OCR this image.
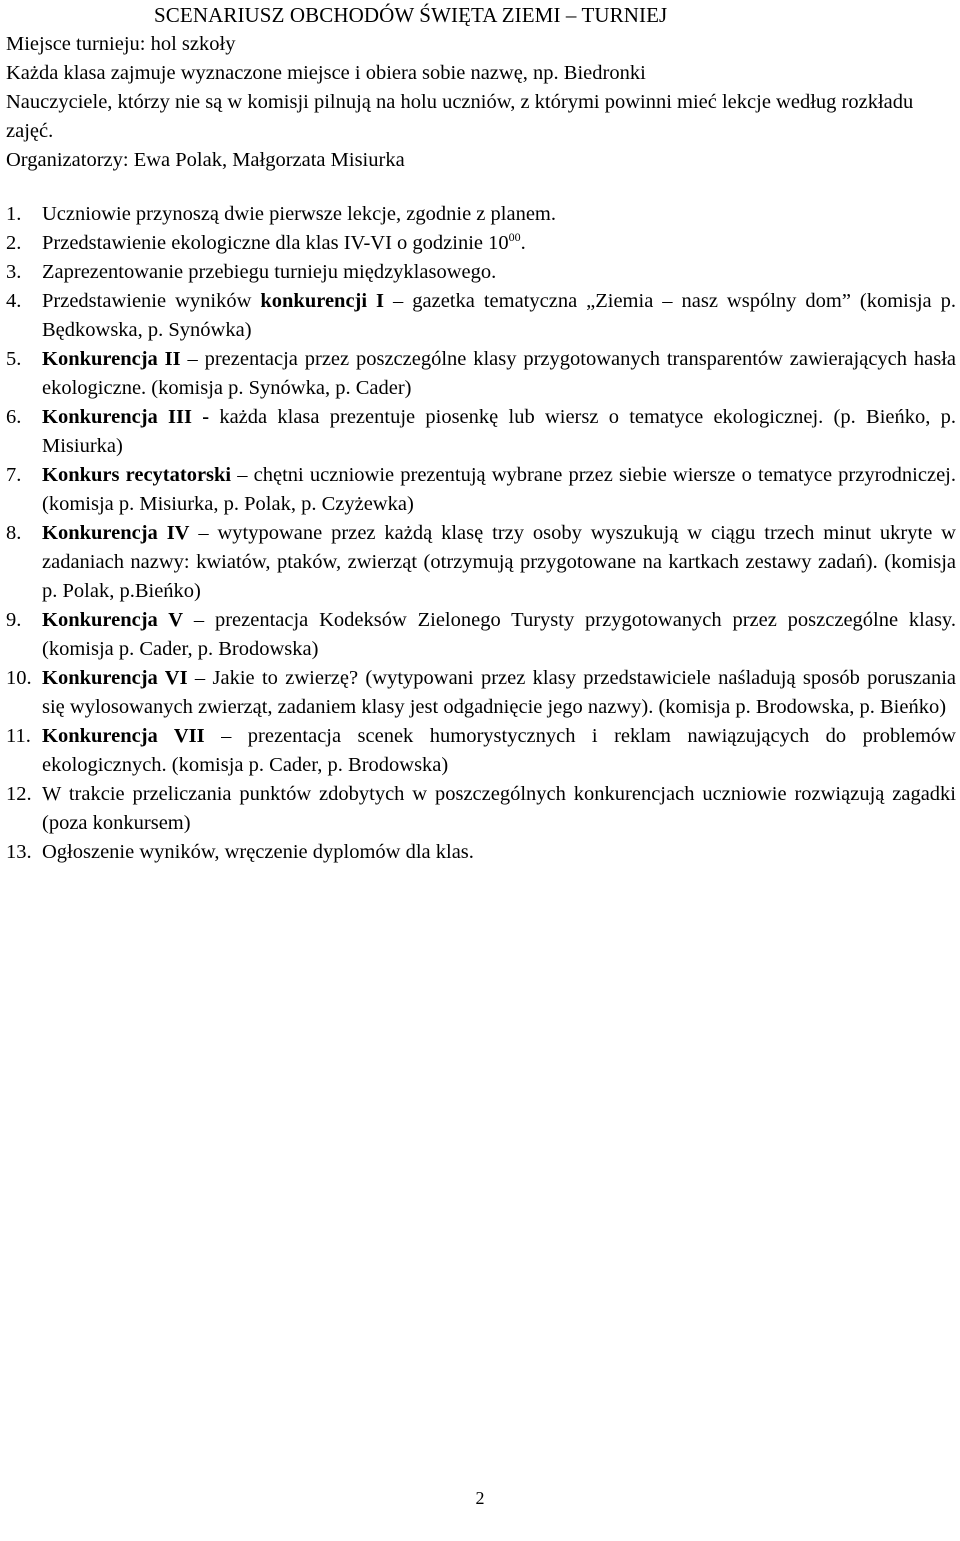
SCENARIUSZ OBCHODÓW ŚWIĘTA ZIEMI – TURNIEJ

Miejsce turnieju: hol szkoły

Każda klasa zajmuje wyznaczone miejsce i obiera sobie nazwę, np. Biedronki

Nauczyciele, którzy nie są w komisji pilnują na holu uczniów, z którymi powinni mieć lekcje według rozkładu zajęć.

Organizatorzy: Ewa Polak, Małgorzata Misiurka

1. Uczniowie przynoszą dwie pierwsze lekcje, zgodnie z planem.
2. Przedstawienie ekologiczne dla klas IV-VI o godzinie $10^{00}$.
3. Zaprezentowanie przebiegu turnieju międzyklasowego.
4. Przedstawienie wyników konkurencji I – gazetka tematyczna „Ziemia – nasz wspólny dom” (komisja p. Będkowska, p. Synówka)
5. Konkurencja II – prezentacja przez poszczególne klasy przygotowanych transparentów zawierających hasła ekologiczne. (komisja p. Synówka, p. Cader)
6. Konkurencja III - każda klasa prezentuje piosenkę lub wiersz o tematyce ekologicznej. (p. Bieńko, p. Misiurka)
7. Konkurs recytatorski – chętni uczniowie prezentują wybrane przez siebie wiersze o tematyce przyrodniczej. (komisja p. Misiurka, p. Polak, p. Czyżewka)
8. Konkurencja IV – wytypowane przez każdą klasę trzy osoby wyszukują w ciągu trzech minut ukryte w zadaniach nazwy: kwiatów, ptaków, zwierząt (otrzymują przygotowane na kartkach zestawy zadań). (komisja p. Polak, p.Bieńko)
9. Konkurencja V – prezentacja Kodeksów Zielonego Turysty przygotowanych przez poszczególne klasy. (komisja p. Cader, p. Brodowska)
10. Konkurencja VI – Jakie to zwierzę? (wytypowani przez klasy przedstawiciele naśladują sposób poruszania się wylosowanych zwierząt, zadaniem klasy jest odgadnięcie jego nazwy). (komisja p. Brodowska, p. Bieńko)
11. Konkurencja VII – prezentacja scenek humorystycznych i reklam nawiązujących do problemów ekologicznych. (komisja p. Cader, p. Brodowska)
12. W trakcie przeliczania punktów zdobytych w poszczególnych konkurencjach uczniowie rozwiązują zagadki (poza konkursem)
13. Ogłoszenie wyników, wręczenie dyplomów dla klas.
2
